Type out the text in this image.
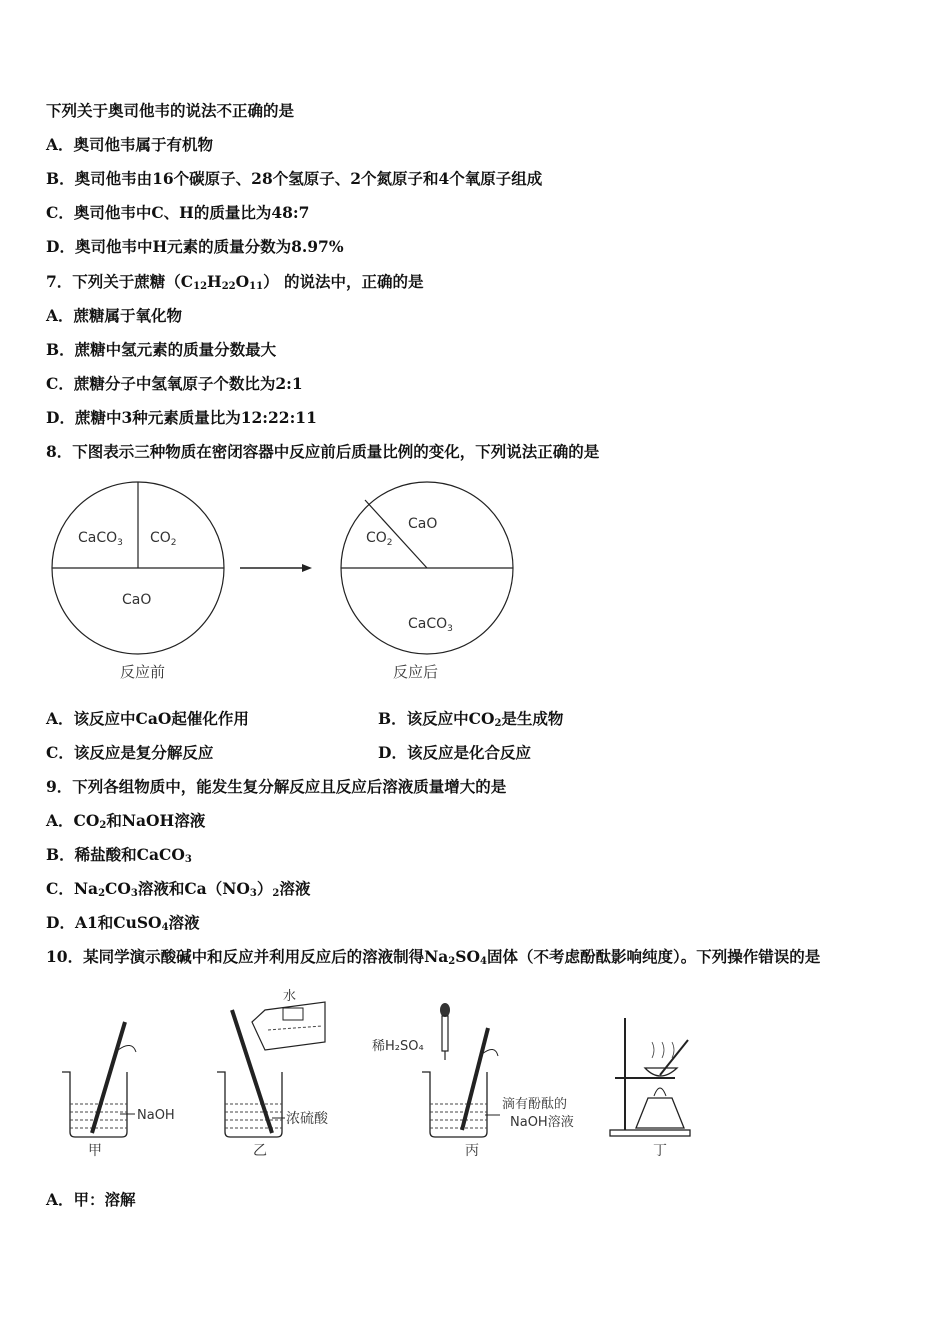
下列关于奥司他韦的说法不正确的是
A．奥司他韦属于有机物
B．奥司他韦由16个碳原子、28个氢原子、2个氮原子和4个氧原子组成
C．奥司他韦中C、H的质量比为48:7
D．奥司他韦中H元素的质量分数为8.97%
7．下列关于蔗糖$(C_{12}H_{22}O_{11})$ 的说法中，正确的是
A．蔗糖属于氧化物
B．蔗糖中氢元素的质量分数最大
C．蔗糖分子中氢氧原子个数比为2:1
D．蔗糖中3种元素质量比为12:22:11
8．下图表示三种物质在密闭容器中反应前后质量比例的变化，下列说法正确的是
CaCO$_3$ $CO_2$
CaO
反应前
$CO_2$
CaO
CaCO$_3$
反应后
A．该反应中CaO起催化作用	B．该反应中$CO_2$是生成物
C．该反应是复分解反应	D．该反应是化合反应
9．下列各组物质中，能发生复分解反应且反应后溶液质量增大的是
A．$CO_2$和NaOH溶液
B．稀盐酸和CaCO$_3$
C．$Na_2CO_3$溶液和$Ca(NO_3)_2$溶液
D．A1和CuSO$_4$溶液
10．某同学演示酸碱中和反应并利用反应后的溶液制得$Na_2SO_4$固体（不考虑酚酞影响纯度）。下列操作错误的是
NaOH
甲
水
浓硫酸
乙
稀H₂SO₄
滴有酚酞的
NaOH溶液
丙	丁
A．甲：溶解
